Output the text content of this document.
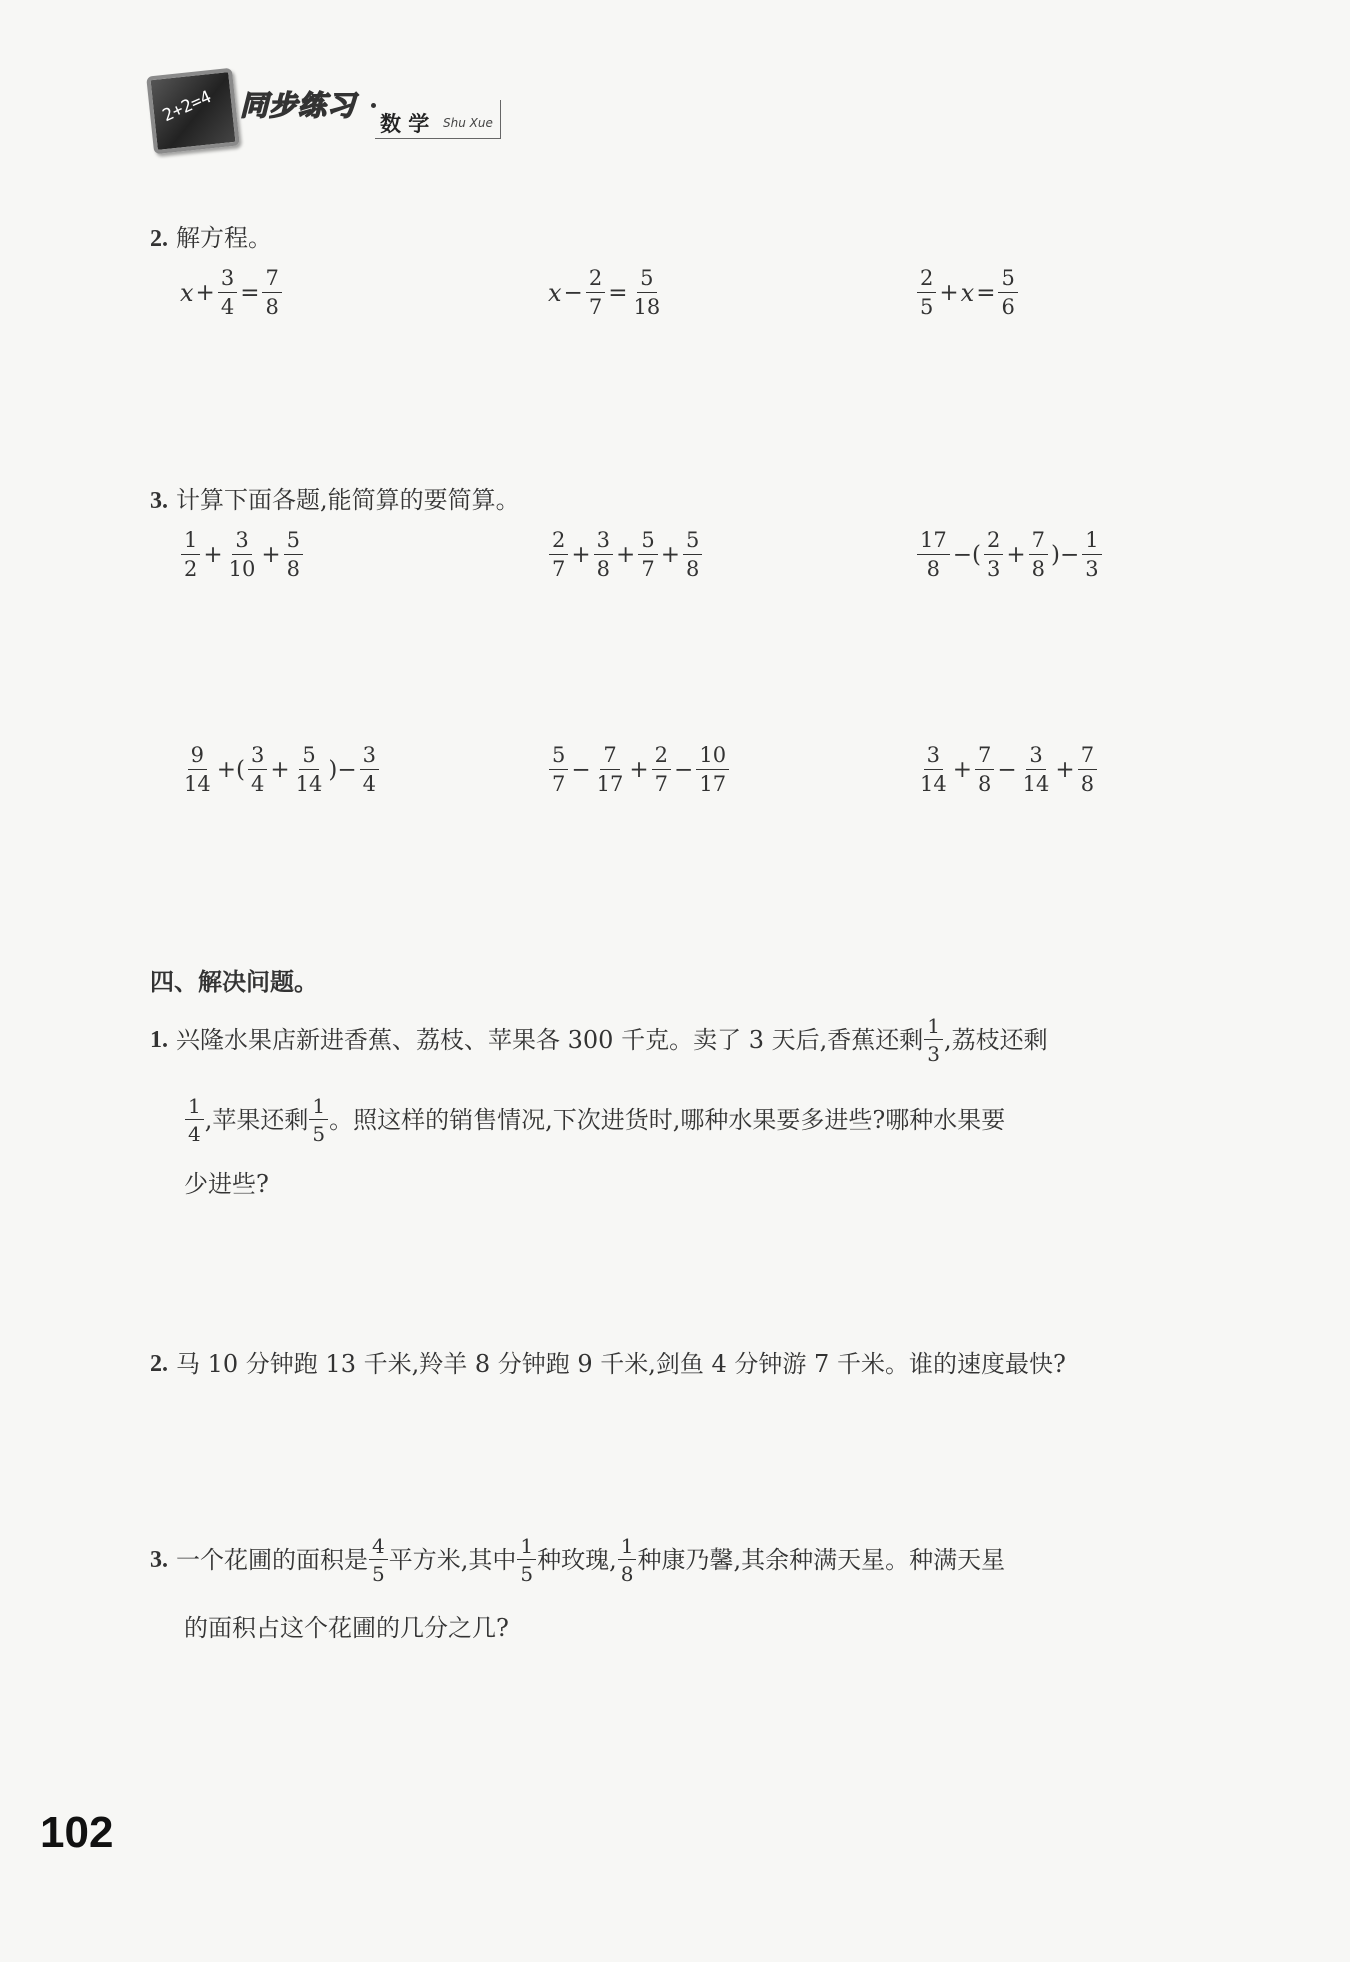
2+2=4 同步练习
数 学 Shu Xue
2. 解方程。
$x + \frac{3}{4} = \frac{7}{8}$	$x - \frac{2}{7} = \frac{5}{18}$	$\frac{2}{5} + x = \frac{5}{6}$
3. 计算下面各题,能简算的要简算。
$\frac{1}{2} + \frac{3}{10} + \frac{5}{8}$	$\frac{2}{7} + \frac{3}{8} + \frac{5}{7} + \frac{5}{8}$	$\frac{17}{8}$ −( $\frac{2}{3} + \frac{7}{8}$ )− $\frac{1}{3}$
$\frac{9}{14}$ +( $\frac{3}{4} + \frac{5}{14}$ )− $\frac{3}{4}$	$\frac{5}{7} - \frac{7}{17} + \frac{2}{7} - \frac{10}{17}$	$\frac{3}{14} + \frac{7}{8} - \frac{3}{14} + \frac{7}{8}$
四、解决问题。
1. 兴隆水果店新进香蕉、荔枝、苹果各 300 千克。卖了 3 天后,香蕉还剩 $\frac{1}{3}$ ,荔枝还剩
$\frac{1}{4}$ ,苹果还剩 $\frac{1}{5}$ 。照这样的销售情况,下次进货时,哪种水果要多进些?哪种水果要
少进些?
2. 马 10 分钟跑 13 千米,羚羊 8 分钟跑 9 千米,剑鱼 4 分钟游 7 千米。谁的速度最快?
3. 一个花圃的面积是 $\frac{4}{5}$ 平方米,其中 $\frac{1}{5}$ 种玫瑰, $\frac{1}{8}$ 种康乃馨,其余种满天星。种满天星
的面积占这个花圃的几分之几?
102
